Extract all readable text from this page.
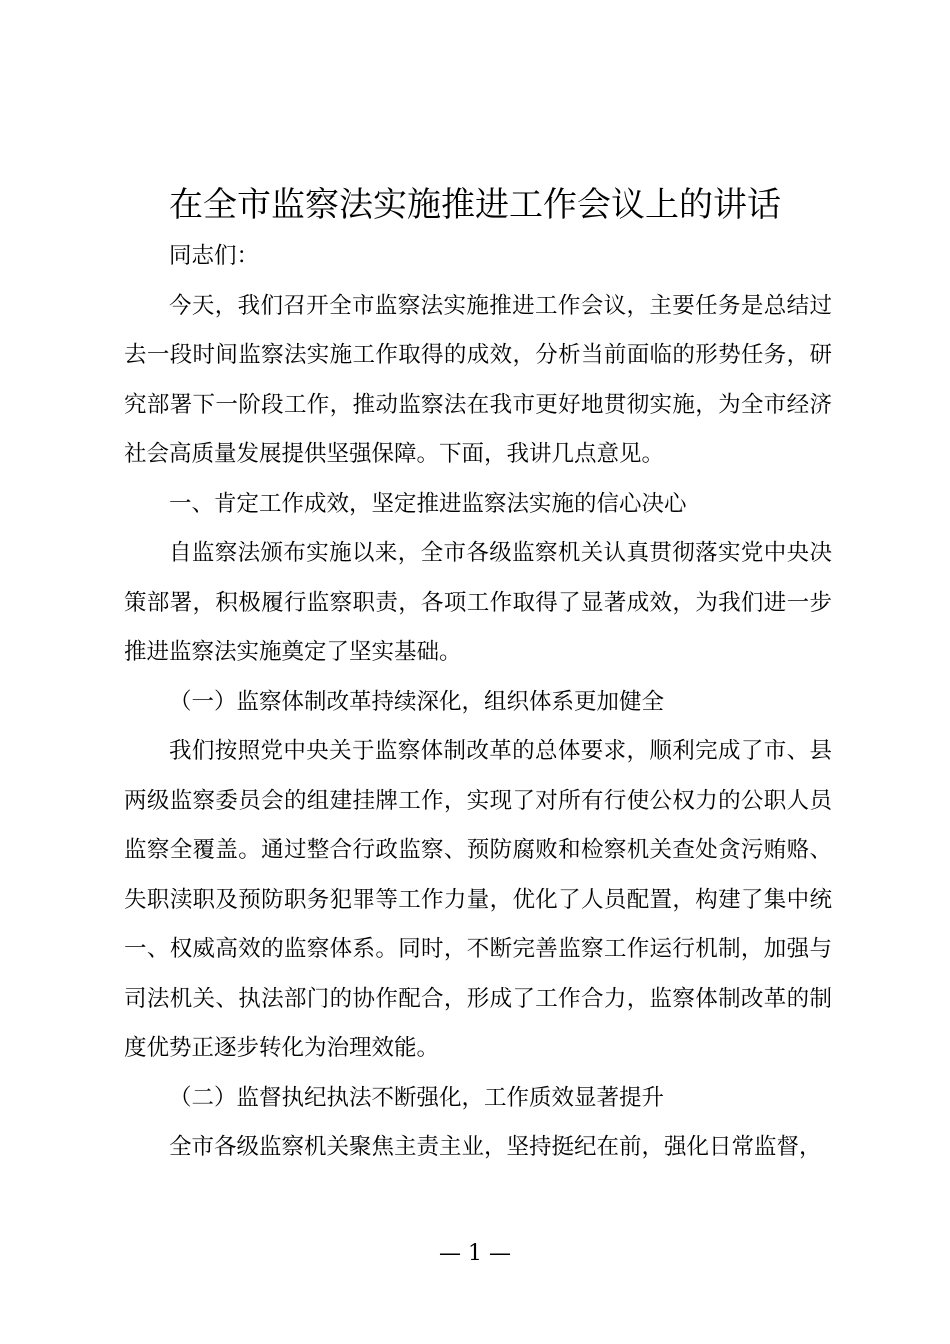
在全市监察法实施推进工作会议上的讲话

同志们：

今天，我们召开全市监察法实施推进工作会议，主要任务是总结过去一段时间监察法实施工作取得的成效，分析当前面临的形势任务，研究部署下一阶段工作，推动监察法在我市更好地贯彻实施，为全市经济社会高质量发展提供坚强保障。下面，我讲几点意见。

一、肯定工作成效，坚定推进监察法实施的信心决心

自监察法颁布实施以来，全市各级监察机关认真贯彻落实党中央决策部署，积极履行监察职责，各项工作取得了显著成效，为我们进一步推进监察法实施奠定了坚实基础。

（一）监察体制改革持续深化，组织体系更加健全

我们按照党中央关于监察体制改革的总体要求，顺利完成了市、县两级监察委员会的组建挂牌工作，实现了对所有行使公权力的公职人员监察全覆盖。通过整合行政监察、预防腐败和检察机关查处贪污贿赂、失职渎职及预防职务犯罪等工作力量，优化了人员配置，构建了集中统一、权威高效的监察体系。同时，不断完善监察工作运行机制，加强与司法机关、执法部门的协作配合，形成了工作合力，监察体制改革的制度优势正逐步转化为治理效能。

（二）监督执纪执法不断强化，工作质效显著提升

全市各级监察机关聚焦主责主业，坚持挺纪在前，强化日常监督，

— 1 —
